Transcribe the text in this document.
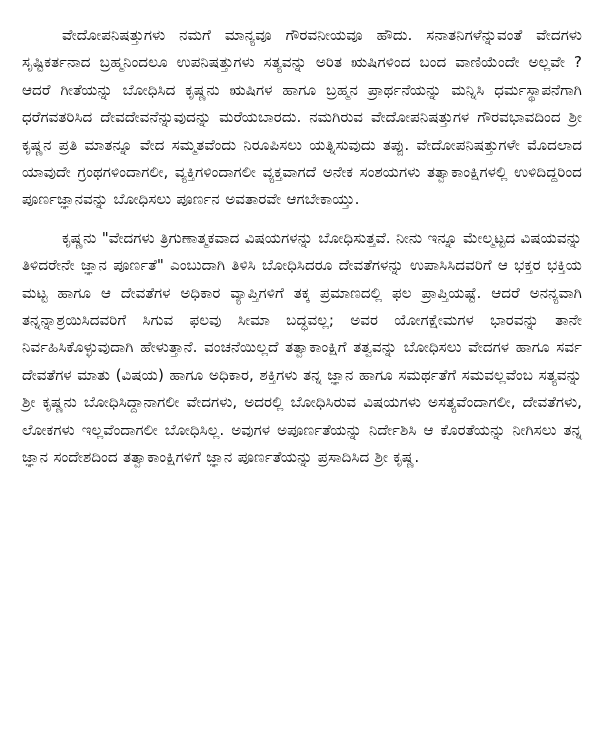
ವೇದೋಪನಿಷತ್ತುಗಳು ನಮಗೆ ಮಾನ್ಯವೂ ಗೌರವನೀಯವೂ ಹೌದು. ಸನಾತನಿಗಳೆನ್ನುವಂತೆ ವೇದಗಳು ಸೃಷ್ಟಿಕರ್ತನಾದ ಬ್ರಹ್ಮನಿಂದಲೂ ಉಪನಿಷತ್ತುಗಳು ಸತ್ಯವನ್ನು ಅರಿತ ಋಷಿಗಳಿಂದ ಬಂದ ವಾಣಿಯೆಂದೇ ಅಲ್ಲವೇ ? ಆದರೆ ಗೀತೆಯನ್ನು ಬೋಧಿಸಿದ ಕೃಷ್ಣನು ಋಷಿಗಳ ಹಾಗೂ ಬ್ರಹ್ಮನ ಪ್ರಾರ್ಥನೆಯನ್ನು ಮನ್ನಿಸಿ ಧರ್ಮಸ್ಥಾಪನೆಗಾಗಿ ಧರೆಗವತರಿಸಿದ ದೇವದೇವನೆನ್ನುವುದನ್ನು ಮರೆಯಬಾರದು. ನಮಗಿರುವ ವೇದೋಪನಿಷತ್ತುಗಳ ಗೌರವಭಾವದಿಂದ ಶ್ರೀ ಕೃಷ್ಣನ ಪ್ರತಿ ಮಾತನ್ನೂ ವೇದ ಸಮ್ಮತವೆಂದು ನಿರೂಪಿಸಲು ಯತ್ನಿಸುವುದು ತಪ್ಪು. ವೇದೋಪನಿಷತ್ತುಗಳೇ ಮೊದಲಾದ ಯಾವುದೇ ಗ್ರಂಥಗಳಿಂದಾಗಲೀ, ವ್ಯಕ್ತಿಗಳಿಂದಾಗಲೀ ವ್ಯಕ್ತವಾಗದೆ ಅನೇಕ ಸಂಶಯಗಳು ತತ್ವಾಕಾಂಕ್ಷಿಗಳಲ್ಲಿ ಉಳಿದಿದ್ದರಿಂದ ಪೂರ್ಣಜ್ಞಾನವನ್ನು ಬೋಧಿಸಲು ಪೂರ್ಣನ ಅವತಾರವೇ ಆಗಬೇಕಾಯ್ತು.

ಕೃಷ್ಣನು "ವೇದಗಳು ತ್ರಿಗುಣಾತ್ಮಕವಾದ ವಿಷಯಗಳನ್ನು ಬೋಧಿಸುತ್ತವೆ. ನೀನು ಇನ್ನೂ ಮೇಲ್ಮಟ್ಟದ ವಿಷಯವನ್ನು ತಿಳಿದರೇನೇ ಜ್ಞಾನ ಪೂರ್ಣತೆ" ಎಂಬುದಾಗಿ ತಿಳಿಸಿ ಬೋಧಿಸಿದರೂ ದೇವತೆಗಳನ್ನು ಉಪಾಸಿಸಿದವರಿಗೆ ಆ ಭಕ್ತರ ಭಕ್ತಿಯ ಮಟ್ಟ ಹಾಗೂ ಆ ದೇವತೆಗಳ ಅಧಿಕಾರ ವ್ಯಾಪ್ತಿಗಳಿಗೆ ತಕ್ಕ ಪ್ರಮಾಣದಲ್ಲಿ ಫಲ ಪ್ರಾಪ್ತಿಯಷ್ಟೆ. ಆದರೆ ಅನನ್ಯವಾಗಿ ತನ್ನನ್ನಾಶ್ರಯಿಸಿದವರಿಗೆ ಸಿಗುವ ಫಲವು ಸೀಮಾ ಬದ್ಧವಲ್ಲ; ಅವರ ಯೋಗಕ್ಷೇಮಗಳ ಭಾರವನ್ನು ತಾನೇ ನಿರ್ವಹಿಸಿಕೊಳ್ಳುವುದಾಗಿ ಹೇಳುತ್ತಾನೆ. ವಂಚನೆಯಿಲ್ಲದೆ ತತ್ವಾಕಾಂಕ್ಷಿಗೆ ತತ್ವವನ್ನು ಬೋಧಿಸಲು ವೇದಗಳ ಹಾಗೂ ಸರ್ವ ದೇವತೆಗಳ ಮಾತು (ವಿಷಯ) ಹಾಗೂ ಅಧಿಕಾರ, ಶಕ್ತಿಗಳು ತನ್ನ ಜ್ಞಾನ ಹಾಗೂ ಸಮರ್ಥತೆಗೆ ಸಮವಲ್ಲವೆಂಬ ಸತ್ಯವನ್ನು ಶ್ರೀ ಕೃಷ್ಣನು ಬೋಧಿಸಿದ್ದಾನಾಗಲೀ ವೇದಗಳು, ಅದರಲ್ಲಿ ಬೋಧಿಸಿರುವ ವಿಷಯಗಳು ಅಸತ್ಯವೆಂದಾಗಲೀ, ದೇವತೆಗಳು, ಲೋಕಗಳು ಇಲ್ಲವೆಂದಾಗಲೀ ಬೋಧಿಸಿಲ್ಲ. ಅವುಗಳ ಅಪೂರ್ಣತೆಯನ್ನು ನಿರ್ದೇಶಿಸಿ ಆ ಕೊರತೆಯನ್ನು ನೀಗಿಸಲು ತನ್ನ ಜ್ಞಾನ ಸಂದೇಶದಿಂದ ತತ್ವಾಕಾಂಕ್ಷಿಗಳಿಗೆ ಜ್ಞಾನ ಪೂರ್ಣತೆಯನ್ನು ಪ್ರಸಾದಿಸಿದ ಶ್ರೀ ಕೃಷ್ಣ.
